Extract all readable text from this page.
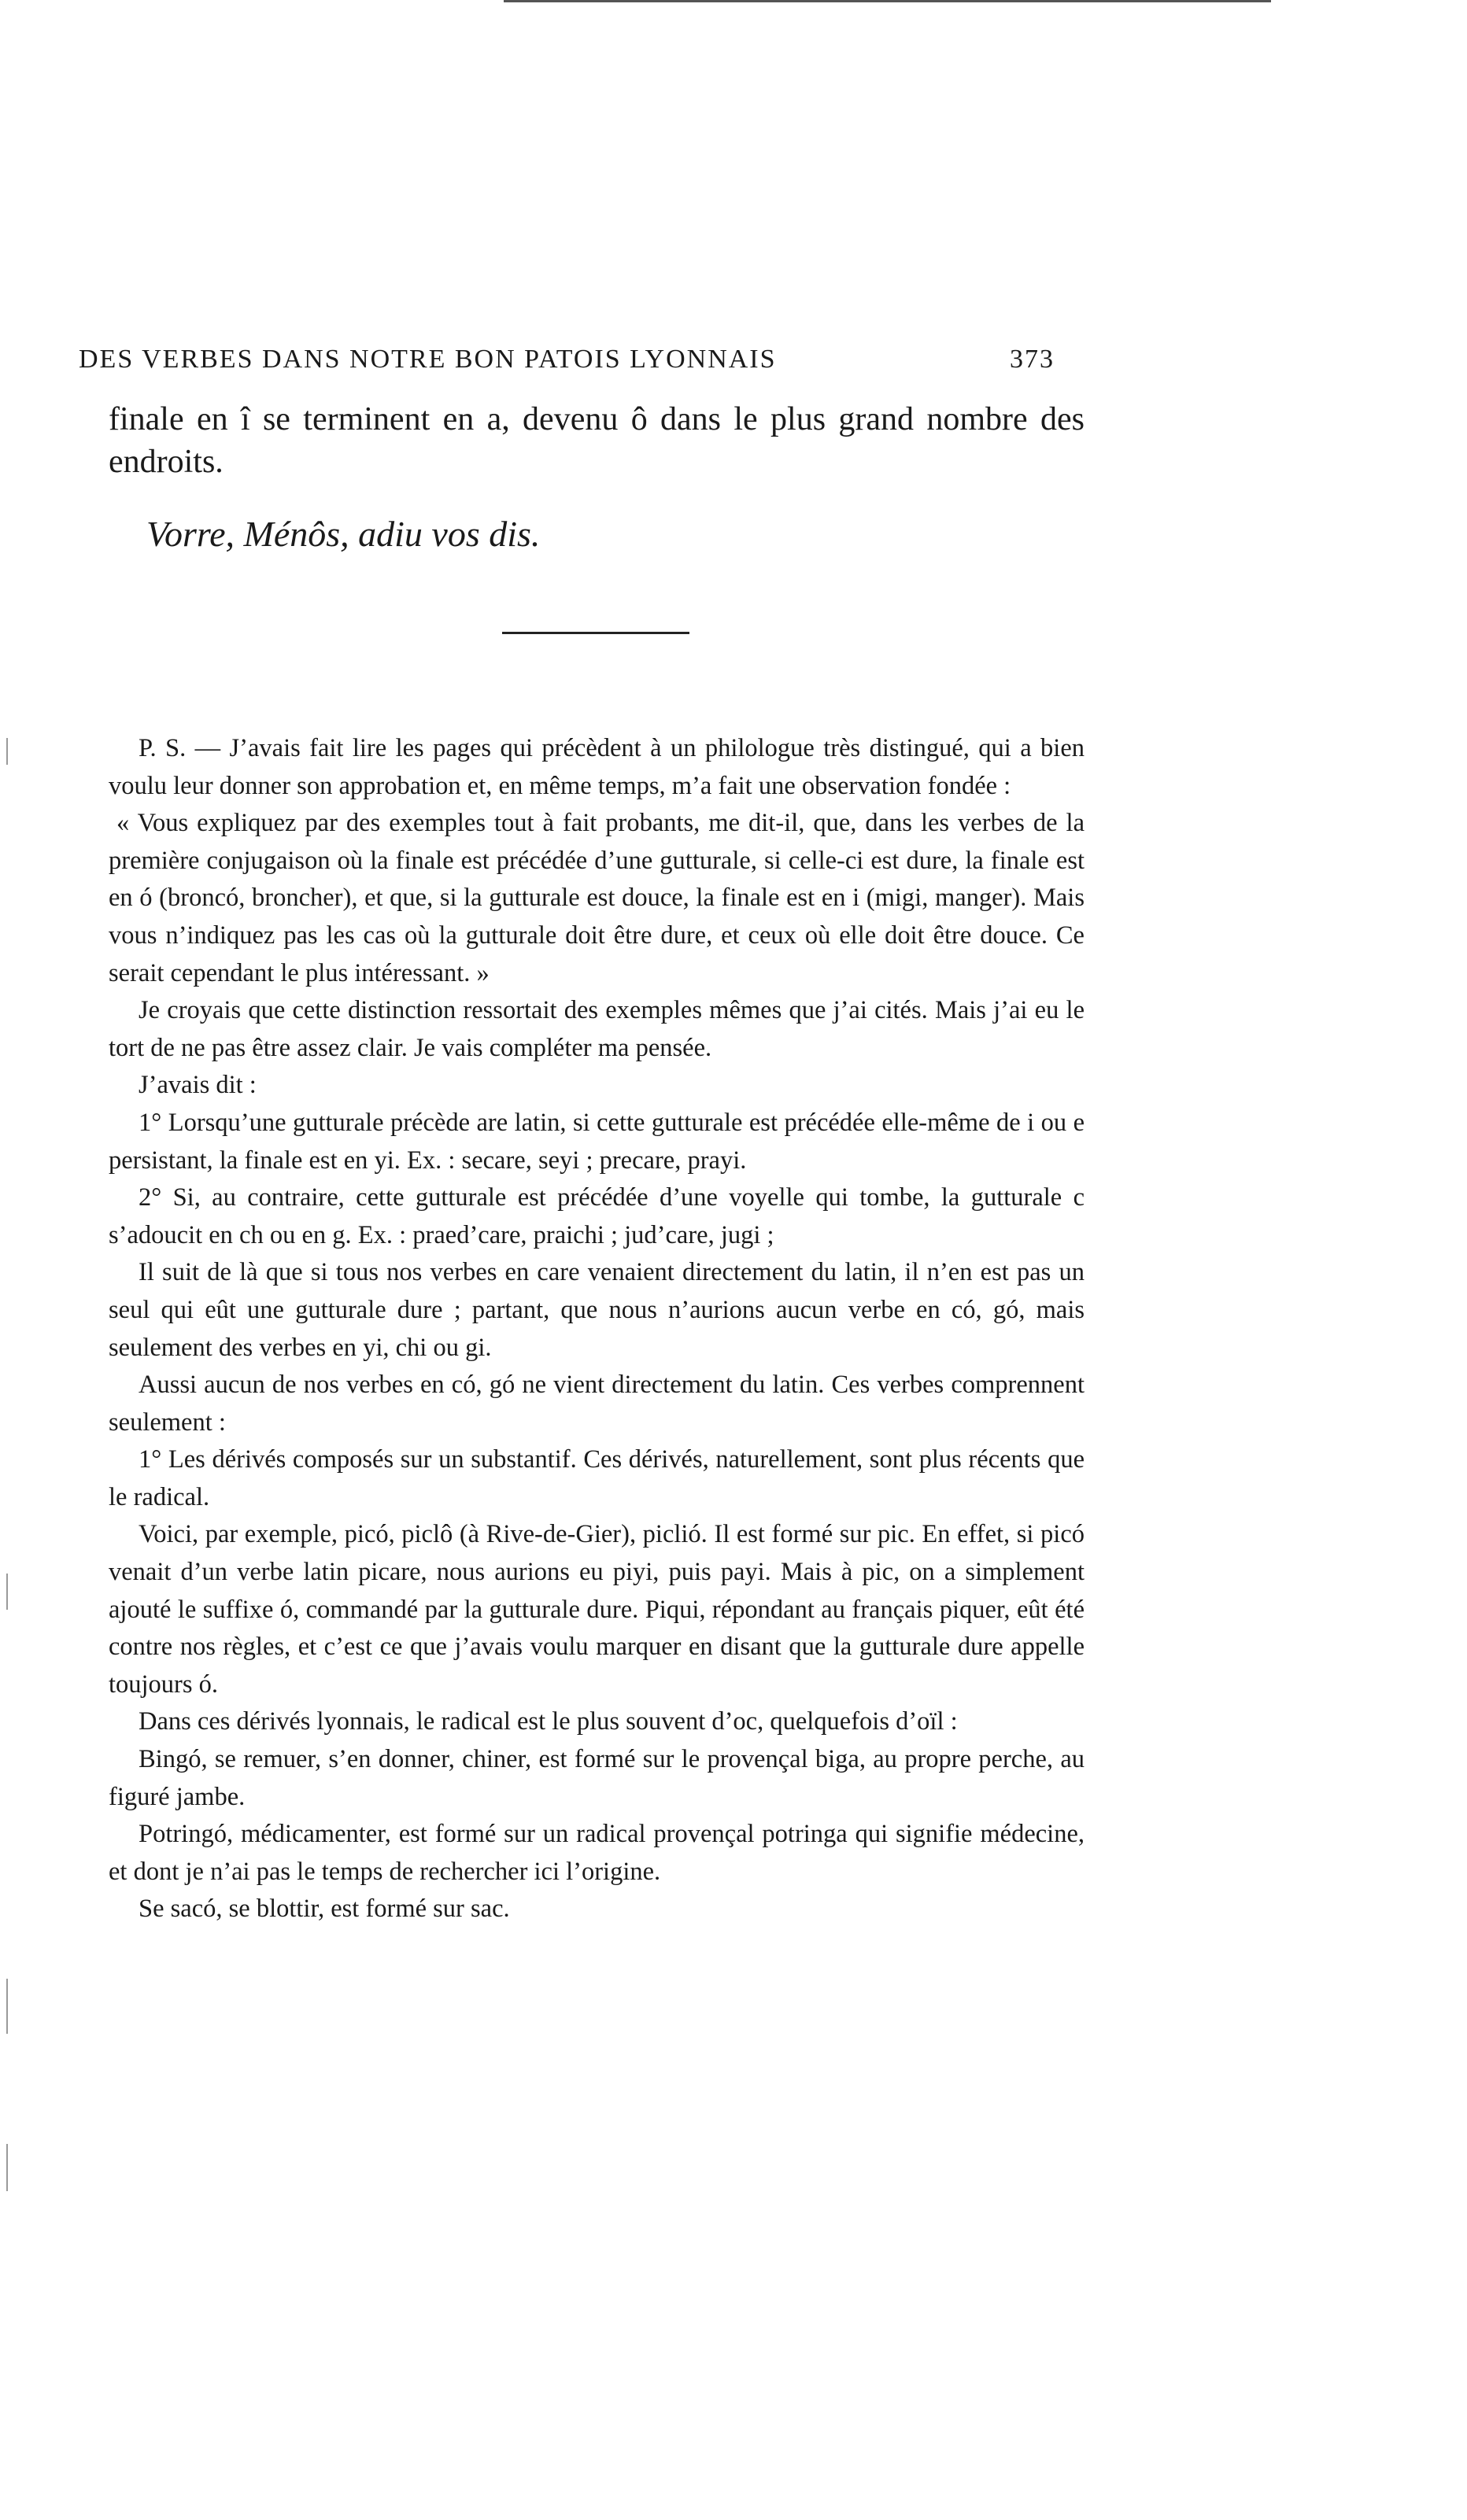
DES VERBES DANS NOTRE BON PATOIS LYONNAIS	373
finale en î se terminent en a, devenu ô dans le plus grand nombre des endroits.
Vorre, Ménôs, adiu vos dis.

P. S. — J’avais fait lire les pages qui précèdent à un philologue très distingué, qui a bien voulu leur donner son approbation et, en même temps, m’a fait une observation fondée :

« Vous expliquez par des exemples tout à fait probants, me dit-il, que, dans les verbes de la première conjugaison où la finale est précédée d’une gutturale, si celle-ci est dure, la finale est en ó (broncó, broncher), et que, si la gutturale est douce, la finale est en i (migi, manger). Mais vous n’indiquez pas les cas où la gutturale doit être dure, et ceux où elle doit être douce. Ce serait cependant le plus intéressant. »

Je croyais que cette distinction ressortait des exemples mêmes que j’ai cités. Mais j’ai eu le tort de ne pas être assez clair. Je vais compléter ma pensée.

J’avais dit :

1° Lorsqu’une gutturale précède are latin, si cette gutturale est précédée elle-même de i ou e persistant, la finale est en yi. Ex. : secare, seyi ; precare, prayi.

2° Si, au contraire, cette gutturale est précédée d’une voyelle qui tombe, la gutturale c s’adoucit en ch ou en g. Ex. : praed’care, praichi ; jud’care, jugi ;

Il suit de là que si tous nos verbes en care venaient directement du latin, il n’en est pas un seul qui eût une gutturale dure ; partant, que nous n’aurions aucun verbe en có, gó, mais seulement des verbes en yi, chi ou gi.

Aussi aucun de nos verbes en có, gó ne vient directement du latin. Ces verbes comprennent seulement :

1° Les dérivés composés sur un substantif. Ces dérivés, naturellement, sont plus récents que le radical.

Voici, par exemple, picó, piclô (à Rive-de-Gier), piclió. Il est formé sur pic. En effet, si picó venait d’un verbe latin picare, nous aurions eu piyi, puis payi. Mais à pic, on a simplement ajouté le suffixe ó, commandé par la gutturale dure. Piqui, répondant au français piquer, eût été contre nos règles, et c’est ce que j’avais voulu marquer en disant que la gutturale dure appelle toujours ó.

Dans ces dérivés lyonnais, le radical est le plus souvent d’oc, quelquefois d’oïl :

Bingó, se remuer, s’en donner, chiner, est formé sur le provençal biga, au propre perche, au figuré jambe.

Potringó, médicamenter, est formé sur un radical provençal potringa qui signifie médecine, et dont je n’ai pas le temps de rechercher ici l’origine.

Se sacó, se blottir, est formé sur sac.
